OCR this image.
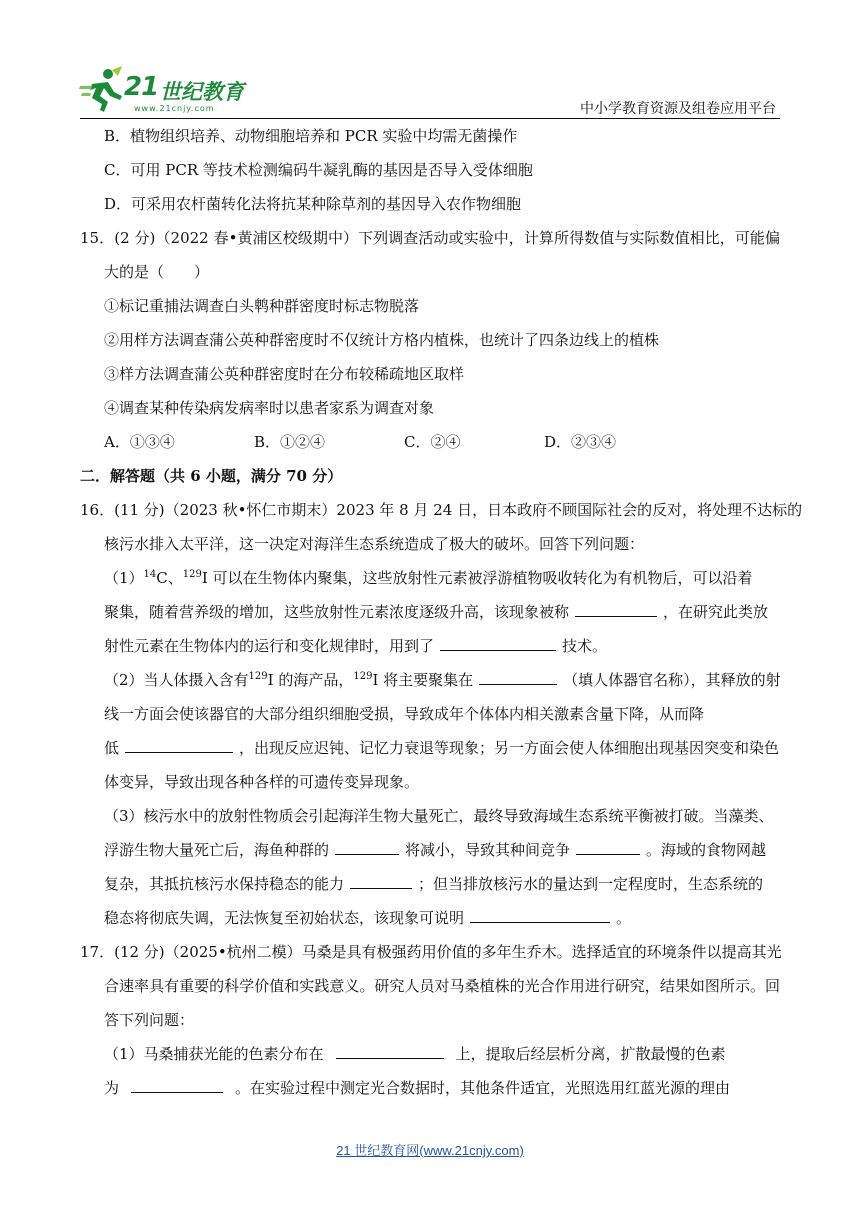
21 世纪教育
www.21cnjy.com	中小学教育资源及组卷应用平台
B．植物组织培养、动物细胞培养和 PCR 实验中均需无菌操作
C．可用 PCR 等技术检测编码牛凝乳酶的基因是否导入受体细胞
D．可采用农杆菌转化法将抗某种除草剂的基因导入农作物细胞
15．(2 分)（2022 春•黄浦区校级期中）下列调查活动或实验中，计算所得数值与实际数值相比，可能偏
大的是（　　）
①标记重捕法调查白头鹎种群密度时标志物脱落
②用样方法调查蒲公英种群密度时不仅统计方格内植株，也统计了四条边线上的植株
③样方法调查蒲公英种群密度时在分布较稀疏地区取样
④调查某种传染病发病率时以患者家系为调查对象
A．①③④	B．①②④	C．②④	D．②③④
二．解答题（共 6 小题，满分 70 分）
16．(11 分)（2023 秋•怀仁市期末）2023 年 8 月 24 日，日本政府不顾国际社会的反对，将处理不达标的
核污水排入太平洋，这一决定对海洋生态系统造成了极大的破坏。回答下列问题：
$(1)^{14}C$、$^{129}$I 可以在生物体内聚集，这些放射性元素被浮游植物吸收转化为有机物后，可以沿着
聚集，随着营养级的增加，这些放射性元素浓度逐级升高，该现象被称	，在研究此类放
射性元素在生物体内的运行和变化规律时，用到了	技术。
（2）当人体摄入含有$^{129}$I 的海产品，$^{129}$I 将主要聚集在	（填人体器官名称），其释放的射
线一方面会使该器官的大部分组织细胞受损，导致成年个体体内相关激素含量下降，从而降
低	，出现反应迟钝、记忆力衰退等现象；另一方面会使人体细胞出现基因突变和染色
体变异，导致出现各种各样的可遗传变异现象。
（3）核污水中的放射性物质会引起海洋生物大量死亡，最终导致海域生态系统平衡被打破。当藻类、
浮游生物大量死亡后，海鱼种群的	将减小，导致其种间竞争	。海域的食物网越
复杂，其抵抗核污水保持稳态的能力	；但当排放核污水的量达到一定程度时，生态系统的
稳态将彻底失调，无法恢复至初始状态，该现象可说明	。
17．(12 分)（2025•杭州二模）马桑是具有极强药用价值的多年生乔木。选择适宜的环境条件以提高其光
合速率具有重要的科学价值和实践意义。研究人员对马桑植株的光合作用进行研究，结果如图所示。回
答下列问题：
（1）马桑捕获光能的色素分布在	上，提取后经层析分离，扩散最慢的色素
为	。在实验过程中测定光合数据时，其他条件适宜，光照选用红蓝光源的理由
21 世纪教育网(www.21cnjy.com)
